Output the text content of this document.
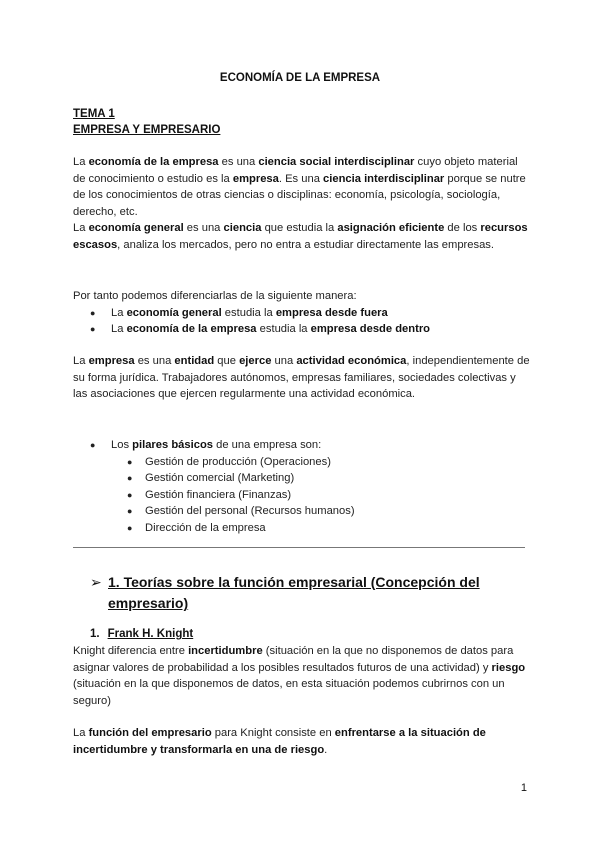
ECONOMÍA DE LA EMPRESA
TEMA 1
EMPRESA Y EMPRESARIO

La economía de la empresa es una ciencia social interdisciplinar cuyo objeto material de conocimiento o estudio es la empresa. Es una ciencia interdisciplinar porque se nutre de los conocimientos de otras ciencias o disciplinas: economía, psicología, sociología, derecho, etc.

La economía general es una ciencia que estudia la asignación eficiente de los recursos escasos, analiza los mercados, pero no entra a estudiar directamente las empresas.

Por tanto podemos diferenciarlas de la siguiente manera:

● La economía general estudia la empresa desde fuera
● La economía de la empresa estudia la empresa desde dentro

La empresa es una entidad que ejerce una actividad económica, independientemente de su forma jurídica. Trabajadores autónomos, empresas familiares, sociedades colectivas y las asociaciones que ejercen regularmente una actividad económica.

● Los pilares básicos de una empresa son:
● Gestión de producción (Operaciones)
● Gestión comercial (Marketing)
● Gestión financiera (Finanzas)
● Gestión del personal (Recursos humanos)
● Dirección de la empresa
➢ 1. Teorías sobre la función empresarial (Concepción del empresario)
1. Frank H. Knight

Knight diferencia entre incertidumbre (situación en la que no disponemos de datos para asignar valores de probabilidad a los posibles resultados futuros de una actividad) y riesgo (situación en la que disponemos de datos, en esta situación podemos cubrirnos con un seguro)

La función del empresario para Knight consiste en enfrentarse a la situación de incertidumbre y transformarla en una de riesgo.

1
